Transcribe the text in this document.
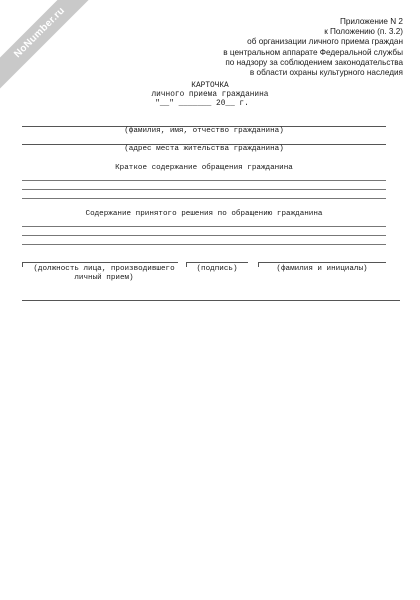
NoNumber.ru	Приложение N 2
к Положению (п. 3.2)
об организации личного приема граждан
в центральном аппарате Федеральной службы
по надзору за соблюдением законодательства
в области охраны культурного наследия
КАРТОЧКА
личного приема гражданина
"__" _______ 20__ г.
(фамилия, имя, отчество гражданина)
(адрес места жительства гражданина)
Краткое содержание обращения гражданина
Содержание принятого решения по обращению гражданина
(должность лица, производившего
личный прием)
(подпись)	(фамилия и инициалы)
